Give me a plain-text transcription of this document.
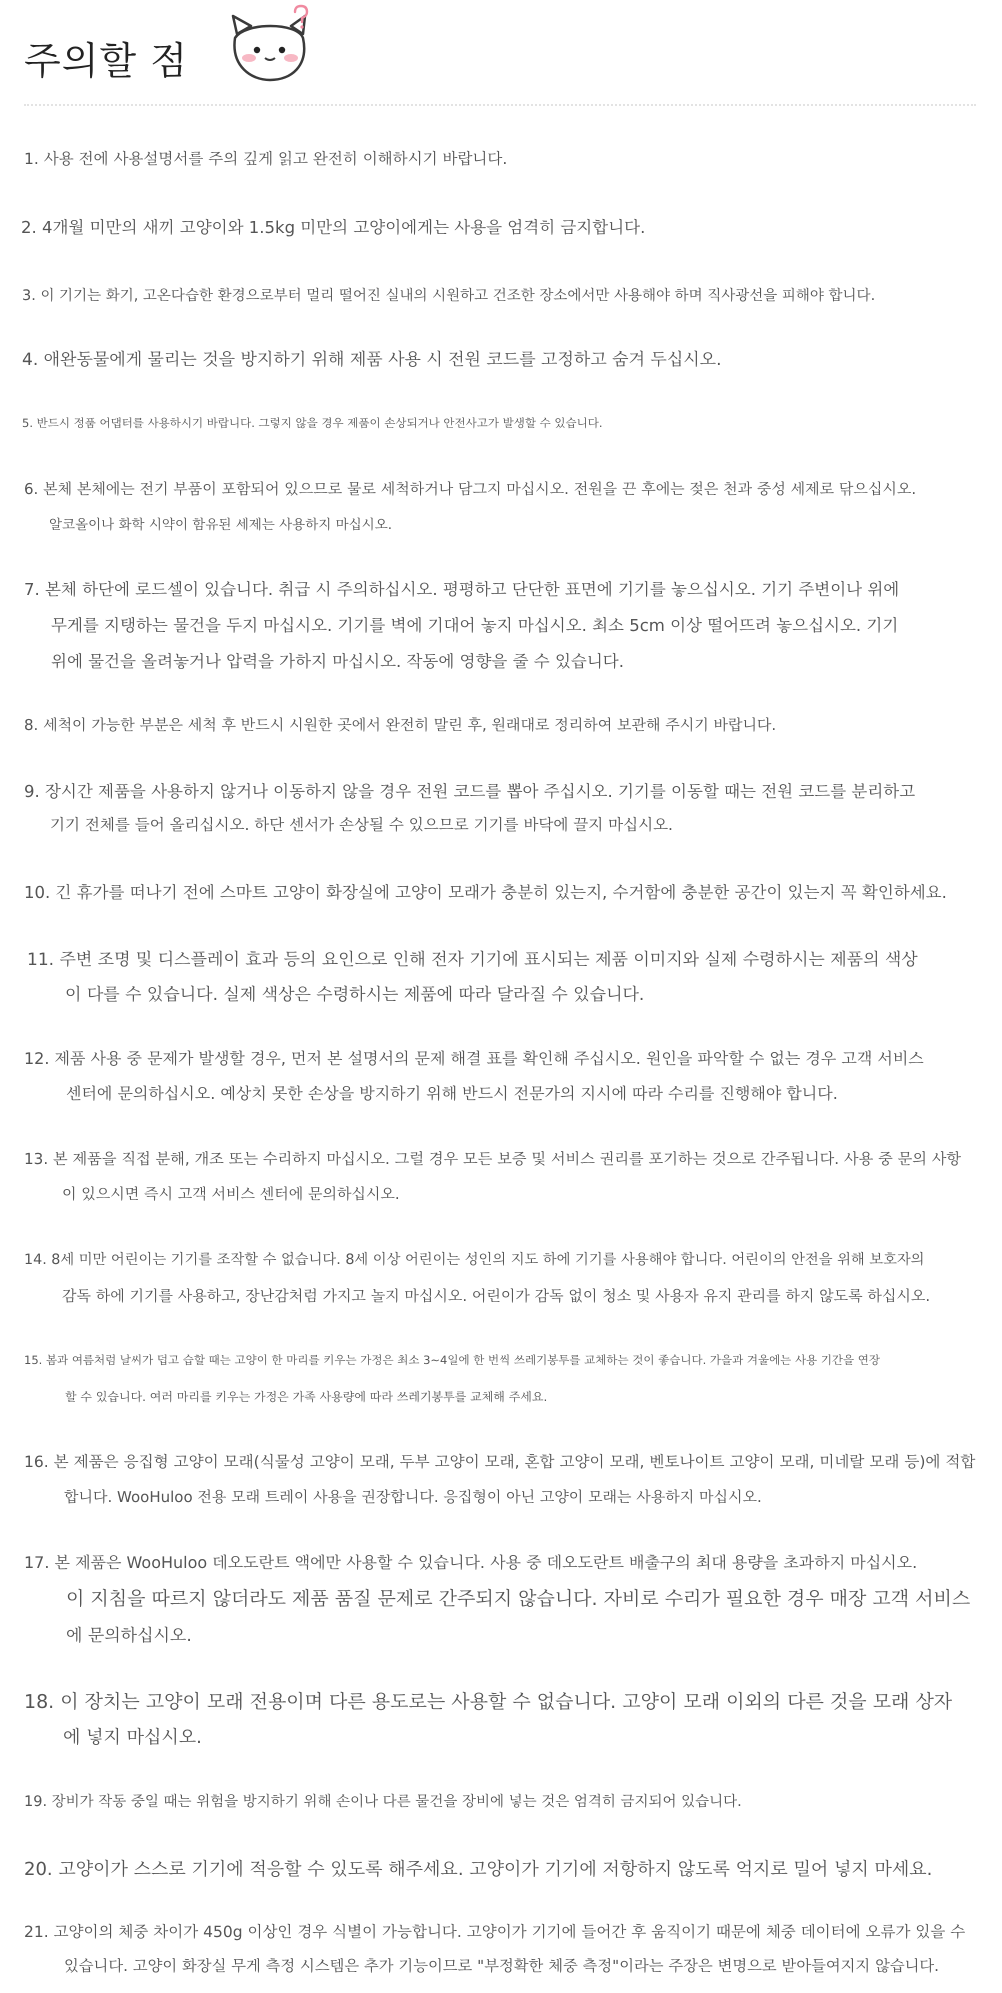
주의할 점

1. 사용 전에 사용설명서를 주의 깊게 읽고 완전히 이해하시기 바랍니다.

2. 4개월 미만의 새끼 고양이와 1.5kg 미만의 고양이에게는 사용을 엄격히 금지합니다.

3. 이 기기는 화기, 고온다습한 환경으로부터 멀리 떨어진 실내의 시원하고 건조한 장소에서만 사용해야 하며 직사광선을 피해야 합니다.

4. 애완동물에게 물리는 것을 방지하기 위해 제품 사용 시 전원 코드를 고정하고 숨겨 두십시오.

5. 반드시 정품 어댑터를 사용하시기 바랍니다. 그렇지 않을 경우 제품이 손상되거나 안전사고가 발생할 수 있습니다.

6. 본체 본체에는 전기 부품이 포함되어 있으므로 물로 세척하거나 담그지 마십시오. 전원을 끈 후에는 젖은 천과 중성 세제로 닦으십시오.

알코올이나 화학 시약이 함유된 세제는 사용하지 마십시오.

7. 본체 하단에 로드셀이 있습니다. 취급 시 주의하십시오. 평평하고 단단한 표면에 기기를 놓으십시오. 기기 주변이나 위에

무게를 지탱하는 물건을 두지 마십시오. 기기를 벽에 기대어 놓지 마십시오. 최소 5cm 이상 떨어뜨려 놓으십시오. 기기

위에 물건을 올려놓거나 압력을 가하지 마십시오. 작동에 영향을 줄 수 있습니다.

8. 세척이 가능한 부분은 세척 후 반드시 시원한 곳에서 완전히 말린 후, 원래대로 정리하여 보관해 주시기 바랍니다.

9. 장시간 제품을 사용하지 않거나 이동하지 않을 경우 전원 코드를 뽑아 주십시오. 기기를 이동할 때는 전원 코드를 분리하고

기기 전체를 들어 올리십시오. 하단 센서가 손상될 수 있으므로 기기를 바닥에 끌지 마십시오.

10. 긴 휴가를 떠나기 전에 스마트 고양이 화장실에 고양이 모래가 충분히 있는지, 수거함에 충분한 공간이 있는지 꼭 확인하세요.

11. 주변 조명 및 디스플레이 효과 등의 요인으로 인해 전자 기기에 표시되는 제품 이미지와 실제 수령하시는 제품의 색상

이 다를 수 있습니다. 실제 색상은 수령하시는 제품에 따라 달라질 수 있습니다.

12. 제품 사용 중 문제가 발생할 경우, 먼저 본 설명서의 문제 해결 표를 확인해 주십시오. 원인을 파악할 수 없는 경우 고객 서비스

센터에 문의하십시오. 예상치 못한 손상을 방지하기 위해 반드시 전문가의 지시에 따라 수리를 진행해야 합니다.

13. 본 제품을 직접 분해, 개조 또는 수리하지 마십시오. 그럴 경우 모든 보증 및 서비스 권리를 포기하는 것으로 간주됩니다. 사용 중 문의 사항

이 있으시면 즉시 고객 서비스 센터에 문의하십시오.

14. 8세 미만 어린이는 기기를 조작할 수 없습니다. 8세 이상 어린이는 성인의 지도 하에 기기를 사용해야 합니다. 어린이의 안전을 위해 보호자의

감독 하에 기기를 사용하고, 장난감처럼 가지고 놀지 마십시오. 어린이가 감독 없이 청소 및 사용자 유지 관리를 하지 않도록 하십시오.

15. 봄과 여름처럼 날씨가 덥고 습할 때는 고양이 한 마리를 키우는 가정은 최소 3~4일에 한 번씩 쓰레기봉투를 교체하는 것이 좋습니다. 가을과 겨울에는 사용 기간을 연장

할 수 있습니다. 여러 마리를 키우는 가정은 가족 사용량에 따라 쓰레기봉투를 교체해 주세요.

16. 본 제품은 응집형 고양이 모래(식물성 고양이 모래, 두부 고양이 모래, 혼합 고양이 모래, 벤토나이트 고양이 모래, 미네랄 모래 등)에 적합

합니다. WooHuloo 전용 모래 트레이 사용을 권장합니다. 응집형이 아닌 고양이 모래는 사용하지 마십시오.

17. 본 제품은 WooHuloo 데오도란트 액에만 사용할 수 있습니다. 사용 중 데오도란트 배출구의 최대 용량을 초과하지 마십시오.

이 지침을 따르지 않더라도 제품 품질 문제로 간주되지 않습니다. 자비로 수리가 필요한 경우 매장 고객 서비스

에 문의하십시오.

18. 이 장치는 고양이 모래 전용이며 다른 용도로는 사용할 수 없습니다. 고양이 모래 이외의 다른 것을 모래 상자

에 넣지 마십시오.

19. 장비가 작동 중일 때는 위험을 방지하기 위해 손이나 다른 물건을 장비에 넣는 것은 엄격히 금지되어 있습니다.

20. 고양이가 스스로 기기에 적응할 수 있도록 해주세요. 고양이가 기기에 저항하지 않도록 억지로 밀어 넣지 마세요.

21. 고양이의 체중 차이가 450g 이상인 경우 식별이 가능합니다. 고양이가 기기에 들어간 후 움직이기 때문에 체중 데이터에 오류가 있을 수

있습니다. 고양이 화장실 무게 측정 시스템은 추가 기능이므로 "부정확한 체중 측정"이라는 주장은 변명으로 받아들여지지 않습니다.
